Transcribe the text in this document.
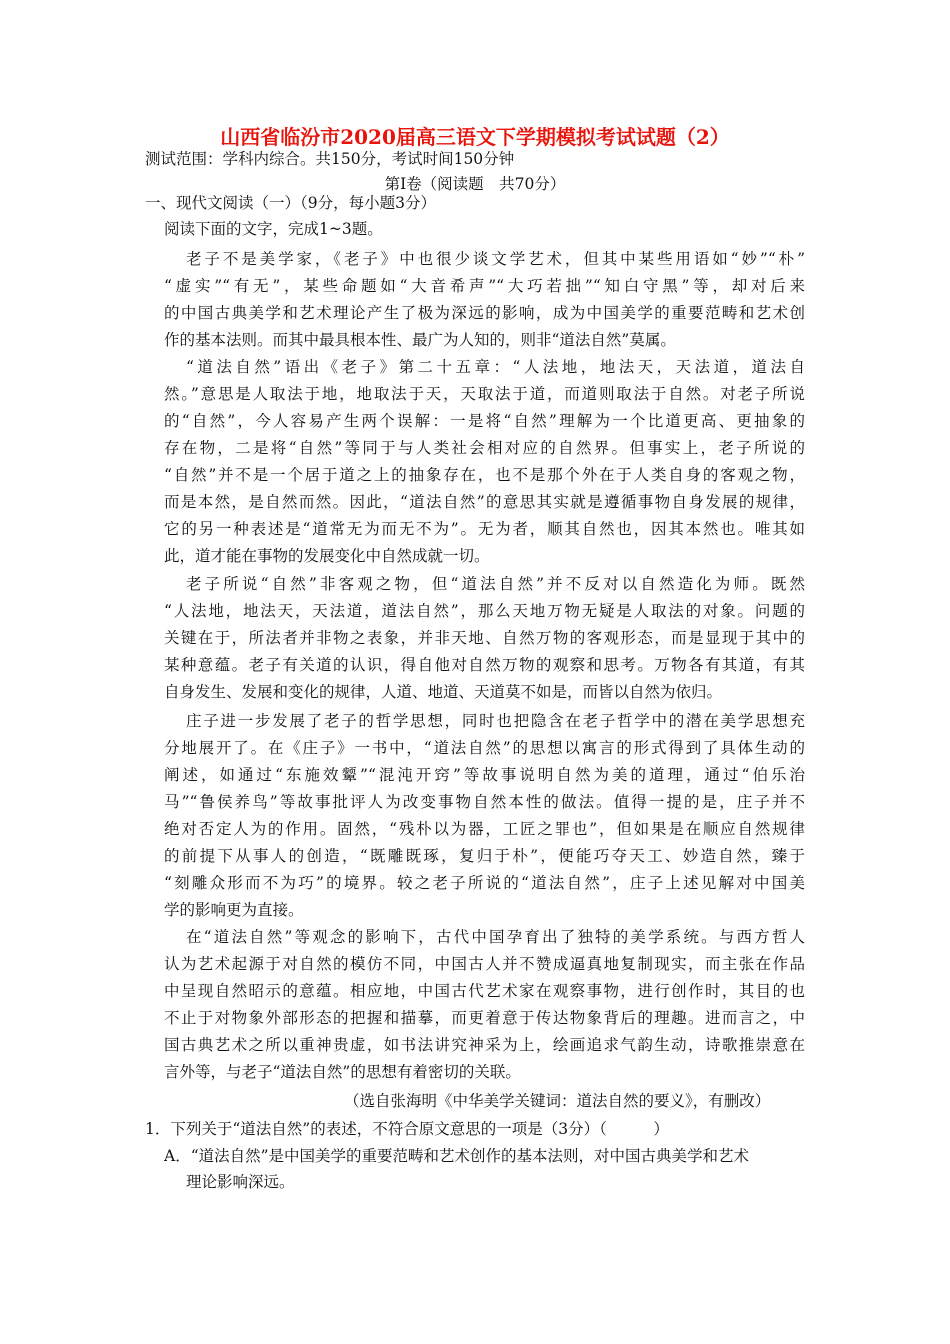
山西省临汾市2020届高三语文下学期模拟考试试题（2）
测试范围：学科内综合。共150分，考试时间150分钟
第Ⅰ卷（阅读题　共70分）
一、现代文阅读（一）（9分，每小题3分）
阅读下面的文字，完成1~3题。
老子不是美学家，《老子》中也很少谈文学艺术，但其中某些用语如“妙”“朴”
“虚实”“有无”，某些命题如“大音希声”“大巧若拙”“知白守黑”等，却对后来
的中国古典美学和艺术理论产生了极为深远的影响，成为中国美学的重要范畴和艺术创
作的基本法则。而其中最具根本性、最广为人知的，则非“道法自然”莫属。
“道法自然”语出《老子》第二十五章：“人法地，地法天，天法道，道法自
然。”意思是人取法于地，地取法于天，天取法于道，而道则取法于自然。对老子所说
的“自然”，今人容易产生两个误解：一是将“自然”理解为一个比道更高、更抽象的
存在物，二是将“自然”等同于与人类社会相对应的自然界。但事实上，老子所说的
“自然”并不是一个居于道之上的抽象存在，也不是那个外在于人类自身的客观之物，
而是本然，是自然而然。因此，“道法自然”的意思其实就是遵循事物自身发展的规律，
它的另一种表述是“道常无为而无不为”。无为者，顺其自然也，因其本然也。唯其如
此，道才能在事物的发展变化中自然成就一切。
老子所说“自然”非客观之物，但“道法自然”并不反对以自然造化为师。既然
“人法地，地法天，天法道，道法自然”，那么天地万物无疑是人取法的对象。问题的
关键在于，所法者并非物之表象，并非天地、自然万物的客观形态，而是显现于其中的
某种意蕴。老子有关道的认识，得自他对自然万物的观察和思考。万物各有其道，有其
自身发生、发展和变化的规律，人道、地道、天道莫不如是，而皆以自然为依归。
庄子进一步发展了老子的哲学思想，同时也把隐含在老子哲学中的潜在美学思想充
分地展开了。在《庄子》一书中，“道法自然”的思想以寓言的形式得到了具体生动的
阐述，如通过“东施效颦”“混沌开窍”等故事说明自然为美的道理，通过“伯乐治
马”“鲁侯养鸟”等故事批评人为改变事物自然本性的做法。值得一提的是，庄子并不
绝对否定人为的作用。固然，“残朴以为器，工匠之罪也”，但如果是在顺应自然规律
的前提下从事人的创造，“既雕既琢，复归于朴”，便能巧夺天工、妙造自然，臻于
“刻雕众形而不为巧”的境界。较之老子所说的“道法自然”，庄子上述见解对中国美
学的影响更为直接。
在“道法自然”等观念的影响下，古代中国孕育出了独特的美学系统。与西方哲人
认为艺术起源于对自然的模仿不同，中国古人并不赞成逼真地复制现实，而主张在作品
中呈现自然昭示的意蕴。相应地，中国古代艺术家在观察事物，进行创作时，其目的也
不止于对物象外部形态的把握和描摹，而更着意于传达物象背后的理趣。进而言之，中
国古典艺术之所以重神贵虚，如书法讲究神采为上，绘画追求气韵生动，诗歌推崇意在
言外等，与老子“道法自然”的思想有着密切的关联。
（选自张海明《中华美学关键词：道法自然的要义》，有删改）
1．下列关于“道法自然”的表述，不符合原文意思的一项是（3分）（　　　）
A．“道法自然”是中国美学的重要范畴和艺术创作的基本法则，对中国古典美学和艺术
理论影响深远。
